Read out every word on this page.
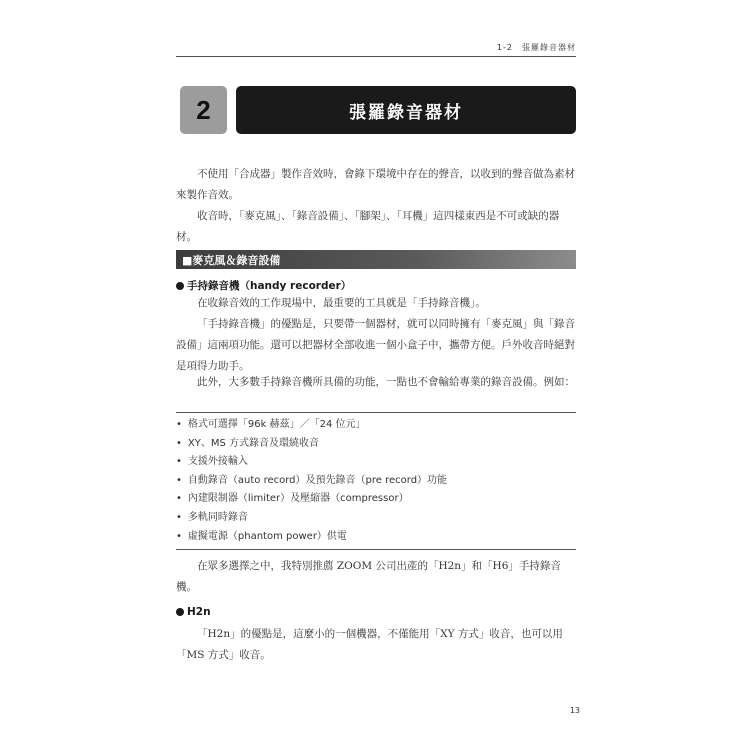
1-2　張羅錄音器材
2	張羅錄音器材

不使用「合成器」製作音效時，會錄下環境中存在的聲音，以收到的聲音做為素材來製作音效。

收音時，「麥克風」、「錄音設備」、「腳架」、「耳機」這四樣東西是不可或缺的器材。

■麥克風＆錄音設備
手持錄音機（handy recorder）

在收錄音效的工作現場中，最重要的工具就是「手持錄音機」。

「手持錄音機」的優點是，只要帶一個器材，就可以同時擁有「麥克風」與「錄音設備」這兩項功能。還可以把器材全部收進一個小盒子中，攜帶方便。戶外收音時絕對是項得力助手。

此外，大多數手持錄音機所具備的功能，一點也不會輸給專業的錄音設備。例如：

• 格式可選擇「96k 赫茲」／「24 位元」
• XY、MS 方式錄音及環繞收音
• 支援外接輸入
• 自動錄音（auto record）及預先錄音（pre record）功能
• 內建限制器（limiter）及壓縮器（compressor）
• 多軌同時錄音
• 虛擬電源（phantom power）供電

在眾多選擇之中，我特別推薦 ZOOM 公司出產的「H2n」和「H6」手持錄音機。

H2n

「H2n」的優點是，這麼小的一個機器，不僅能用「XY 方式」收音，也可以用「MS 方式」收音。

13
